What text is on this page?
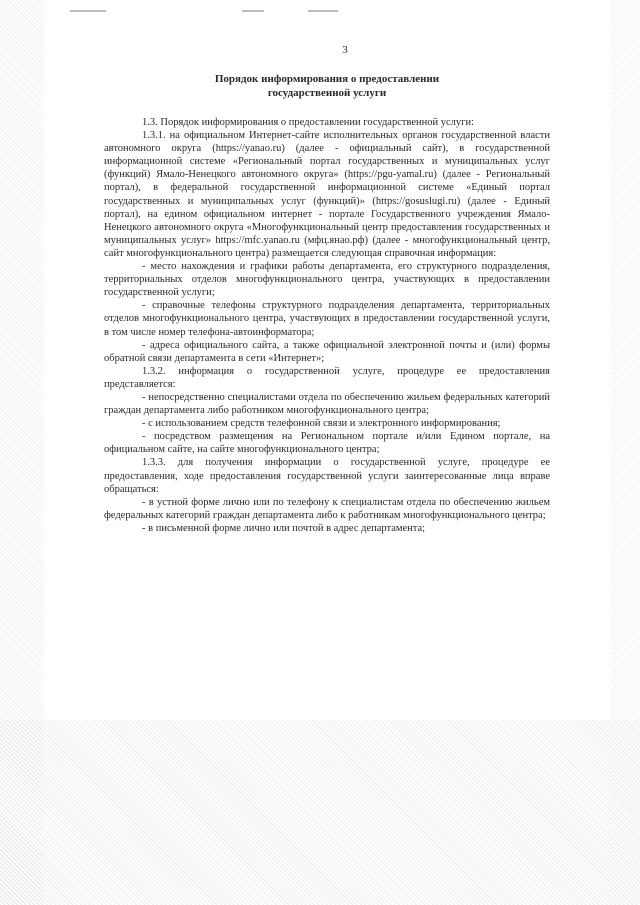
3
Порядок информирования о предоставлении
государственной услуги

1.3. Порядок информирования о предоставлении государственной услуги:

1.3.1. на официальном Интернет-сайте исполнительных органов государственной власти автономного округа (https://yanao.ru) (далее - официальный сайт), в государственной информационной системе «Региональный портал государственных и муниципальных услуг (функций) Ямало-Ненецкого автономного округа» (https://pgu-yamal.ru) (далее - Региональный портал), в федеральной государственной информационной системе «Единый портал государственных и муниципальных услуг (функций)» (https://gosuslugi.ru) (далее - Единый портал), на едином официальном интернет - портале Государственного учреждения Ямало-Ненецкого автономного округа «Многофункциональный центр предоставления государственных и муниципальных услуг» https://mfc.yanao.ru (мфц.янао.рф) (далее - многофункциональный центр, сайт многофункционального центра) размещается следующая справочная информация:

- место нахождения и графики работы департамента, его структурного подразделения, территориальных отделов многофункционального центра, участвующих в предоставлении государственной услуги;

- справочные телефоны структурного подразделения департамента, территориальных отделов многофункционального центра, участвующих в предоставлении государственной услуги, в том числе номер телефона-автоинформатора;

- адреса официального сайта, а также официальной электронной почты и (или) формы обратной связи департамента в сети «Интернет»;

1.3.2. информация о государственной услуге, процедуре ее предоставления представляется:

- непосредственно специалистами отдела по обеспечению жильем федеральных категорий граждан департамента либо работником многофункционального центра;

- с использованием средств телефонной связи и электронного информирования;

- посредством размещения на Региональном портале и/или Едином портале, на официальном сайте, на сайте многофункционального центра;

1.3.3. для получения информации о государственной услуге, процедуре ее предоставления, ходе предоставления государственной услуги заинтересованные лица вправе обращаться:

- в устной форме лично или по телефону к специалистам отдела по обеспечению жильем федеральных категорий граждан департамента либо к работникам многофункционального центра;

- в письменной форме лично или почтой в адрес департамента;
